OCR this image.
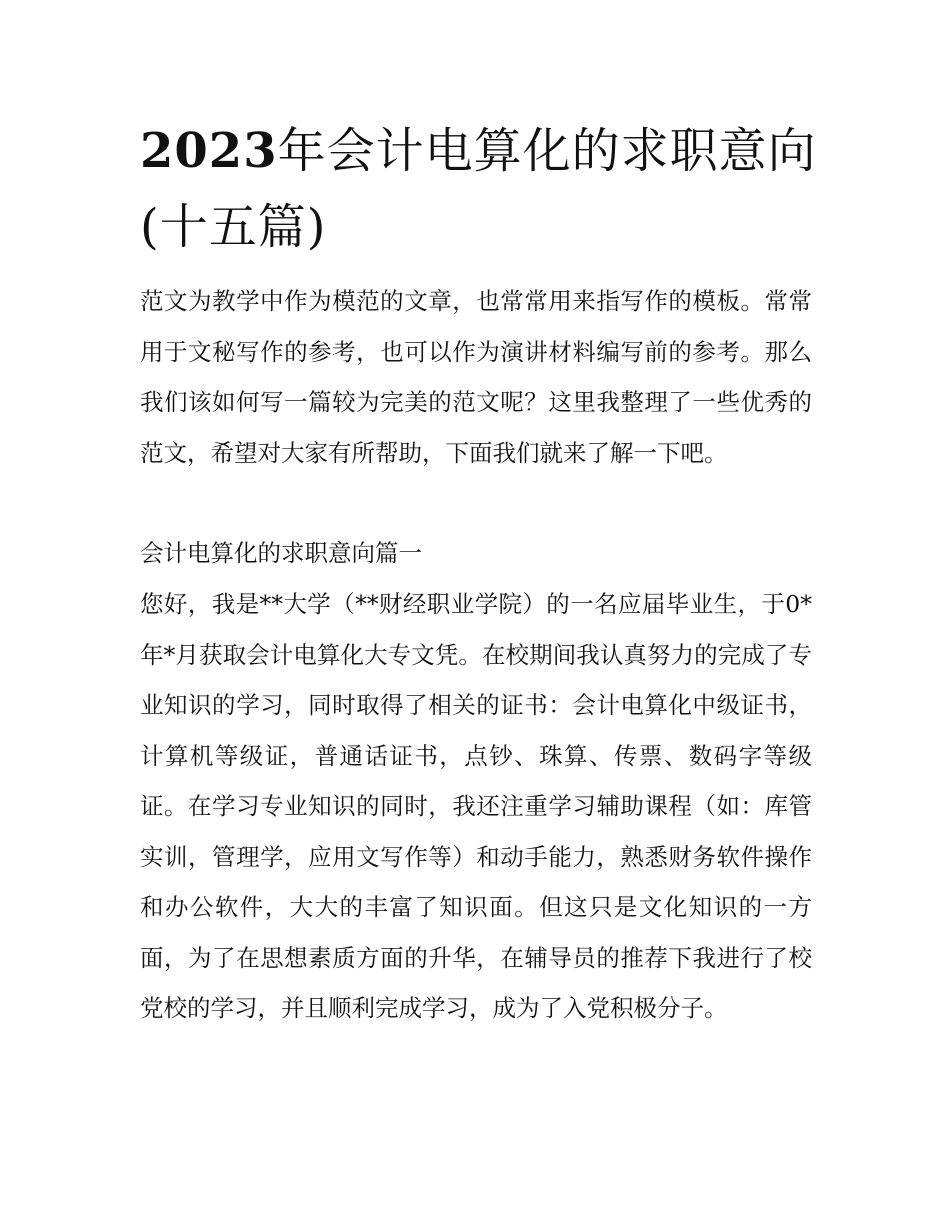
2023年会计电算化的求职意向(十五篇)

范文为教学中作为模范的文章，也常常用来指写作的模板。常常用于文秘写作的参考，也可以作为演讲材料编写前的参考。那么我们该如何写一篇较为完美的范文呢？这里我整理了一些优秀的范文，希望对大家有所帮助，下面我们就来了解一下吧。

会计电算化的求职意向篇一

您好，我是**大学（**财经职业学院）的一名应届毕业生，于0*年*月获取会计电算化大专文凭。在校期间我认真努力的完成了专业知识的学习，同时取得了相关的证书：会计电算化中级证书，计算机等级证，普通话证书，点钞、珠算、传票、数码字等级证。在学习专业知识的同时，我还注重学习辅助课程（如：库管实训，管理学，应用文写作等）和动手能力，熟悉财务软件操作和办公软件，大大的丰富了知识面。但这只是文化知识的一方面，为了在思想素质方面的升华，在辅导员的推荐下我进行了校党校的学习，并且顺利完成学习，成为了入党积极分子。
